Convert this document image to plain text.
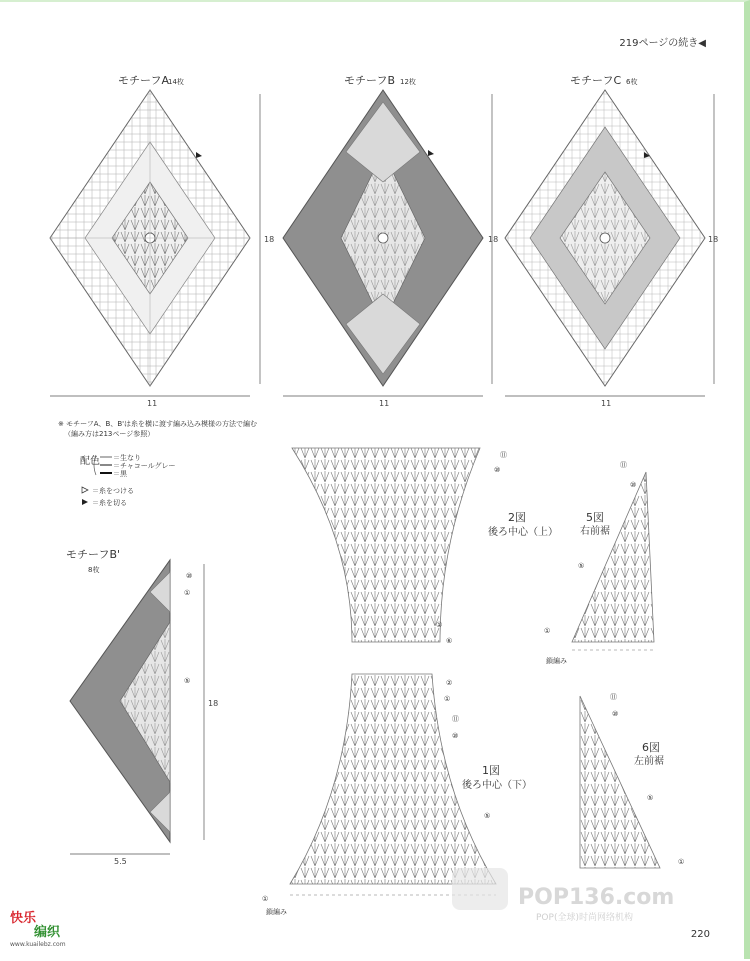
219ページの続き◀
モチーフA 14枚
18
11
モチーフB 12枚
18
11
モチーフC 6枚
18
11
※ モチーフA、B、B'は糸を横に渡す編み込み模様の方法で編む
（編み方は213ページ参照）
配色 ＝生なり
＝チャコールグレー
＝黒
＝糸をつける
＝糸を切る
モチーフB'
8枚
⑩
⑤
①
18
5.5
⑪
⑩
⑥
①
2図
後ろ中心（上）
②
①
⑪
⑩
⑤
①
鎖編み
1図
後ろ中心（下）
⑪
⑩
⑤
①
鎖編み
5図
右前裾
⑪
⑩
⑤
①
6図
左前裾
POP136.com
POP(全球)时尚网络机构
快乐
编织
www.kuailebz.com
220
